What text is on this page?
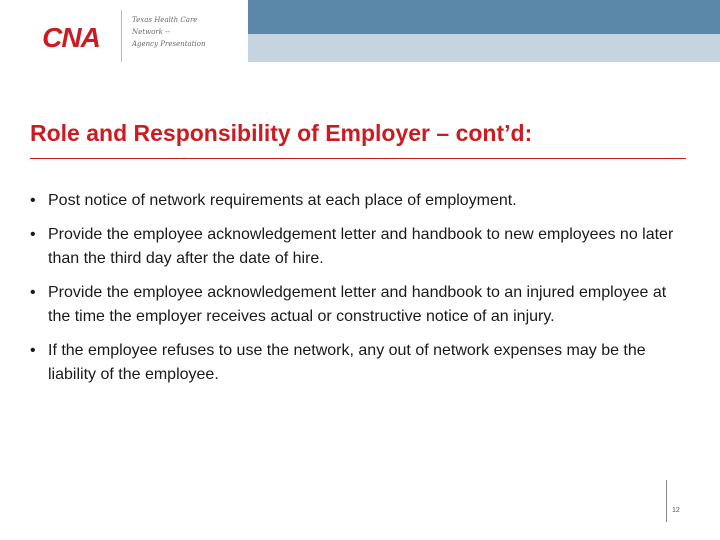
CNA
Texas Health Care
Network --
Agency Presentation
Role and Responsibility of Employer – cont’d:
• Post notice of network requirements at each place of employment.
• Provide the employee acknowledgement letter and handbook to new employees no later than the third day after the date of hire.
• Provide the employee acknowledgement letter and handbook to an injured employee at the time the employer receives actual or constructive notice of an injury.
• If the employee refuses to use the network, any out of network expenses may be the liability of the employee.
12
